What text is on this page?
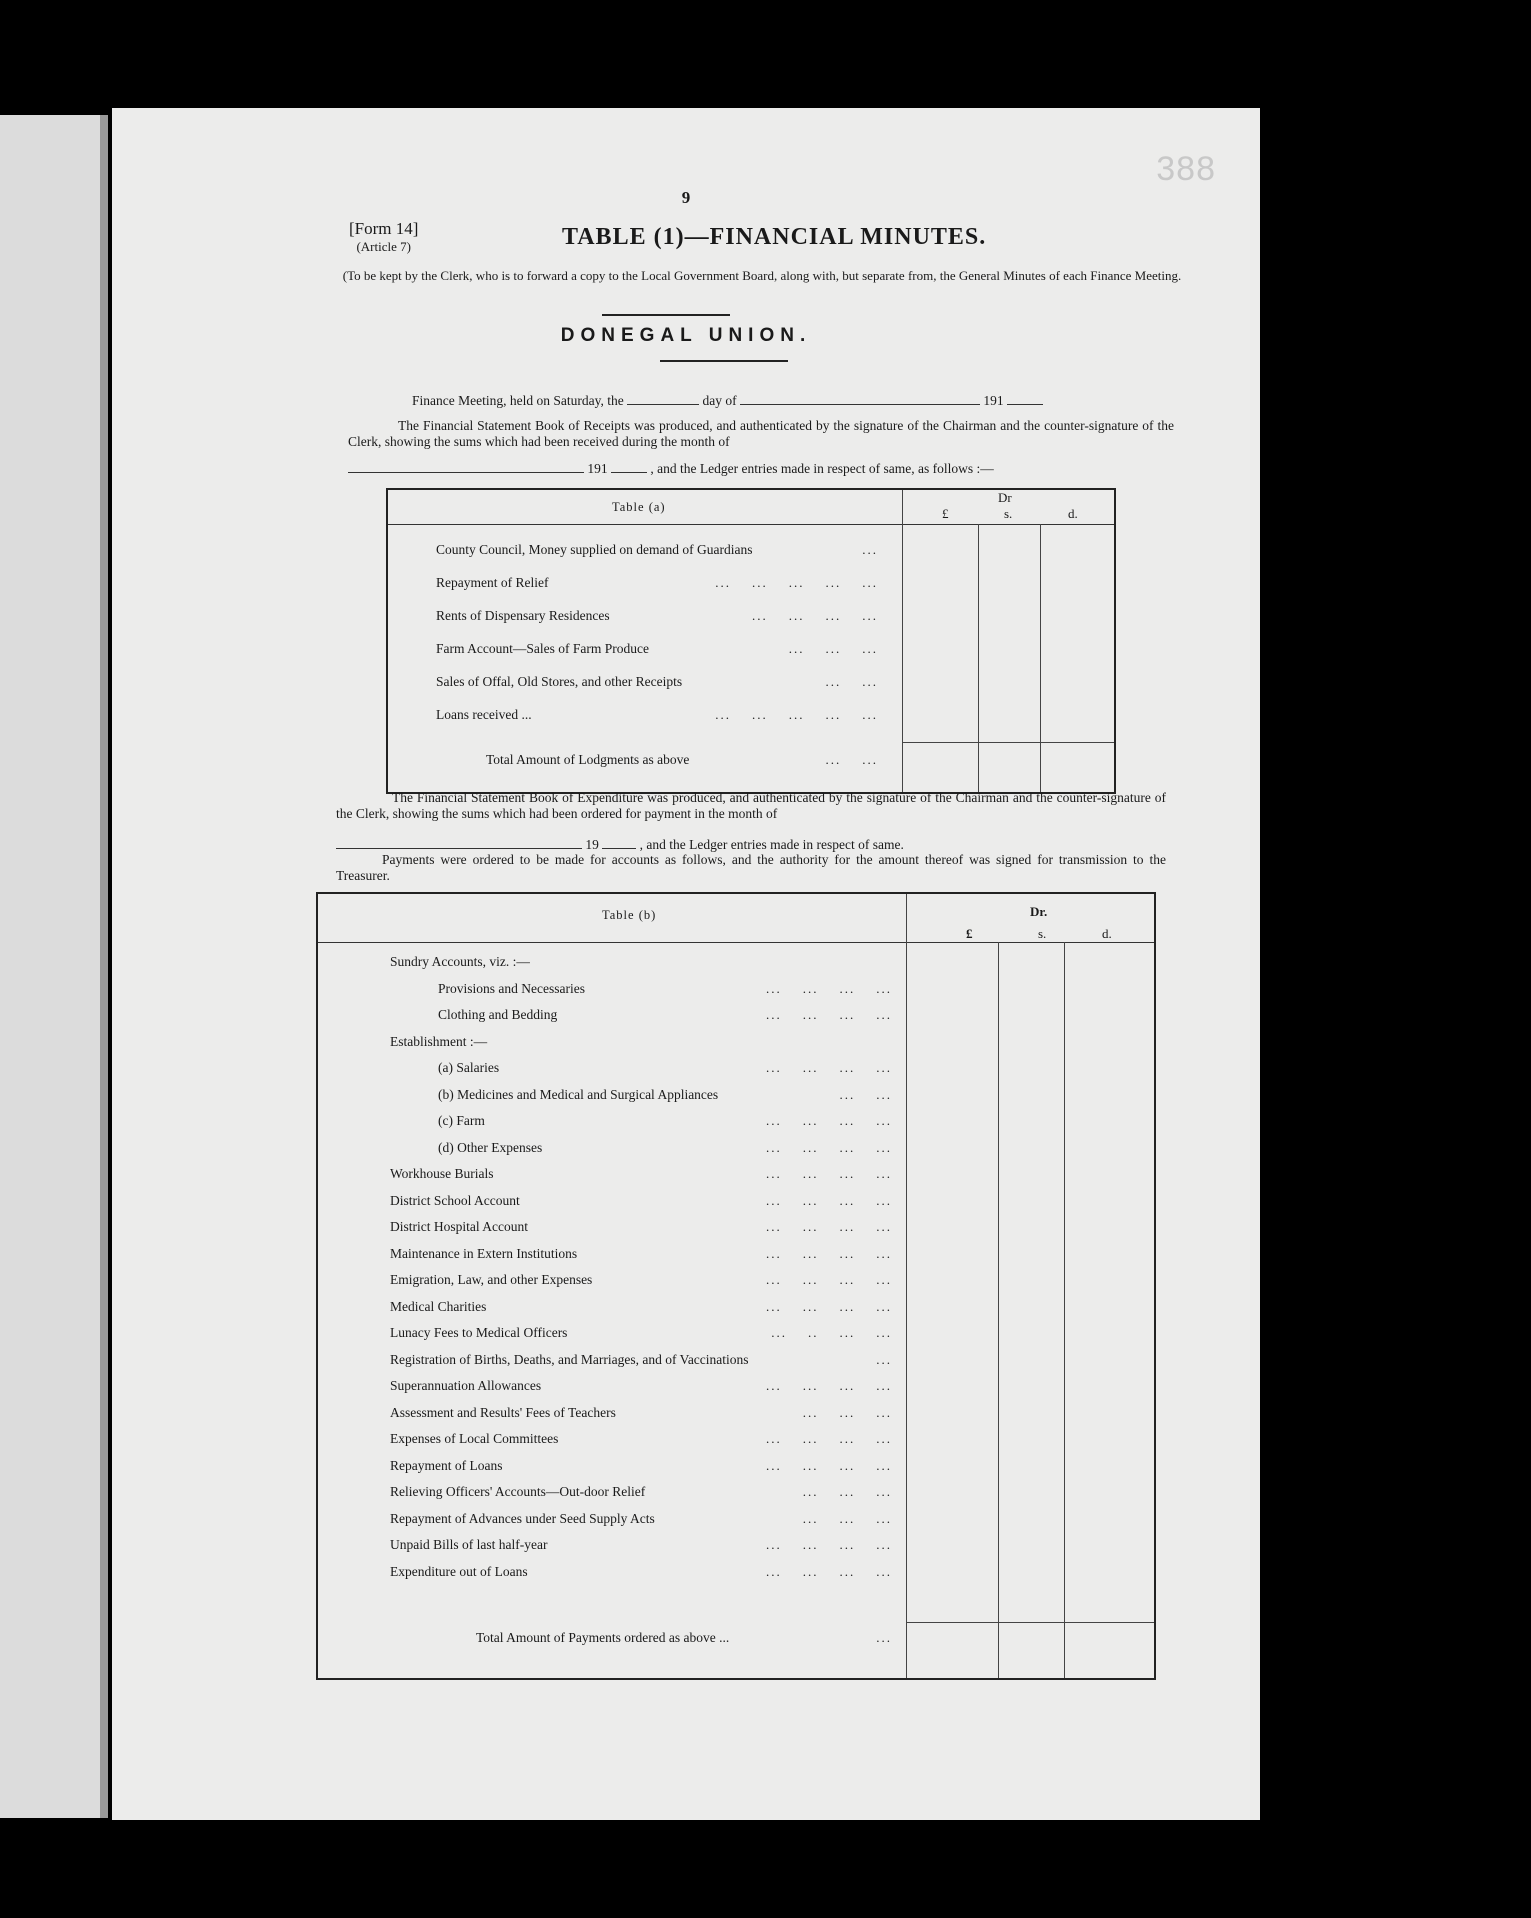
388
9
[Form 14]
(Article 7)	TABLE (1)—FINANCIAL MINUTES.
(To be kept by the Clerk, who is to forward a copy to the Local Government Board, along with, but separate from, the General Minutes of each Finance Meeting.
DONEGAL UNION.
Finance Meeting, held on Saturday, the	day of	191
The Financial Statement Book of Receipts was produced, and authenticated by the signature of the Chairman and the counter-signature of the Clerk, showing the sums which had been received during the month of
191	, and the Ledger entries made in respect of same, as follows :—
Table (a)
Dr
£	s.	d.
County Council, Money supplied on demand of Guardians	...
Repayment of Relief	...    ...    ...    ...    ...
Rents of Dispensary Residences	...    ...    ...    ...
Farm Account—Sales of Farm Produce	...    ...    ...
Sales of Offal, Old Stores, and other Receipts	...    ...
Loans received ...	...    ...    ...    ...    ...
Total Amount of Lodgments as above	...    ...
The Financial Statement Book of Expenditure was produced, and authenticated by the signature of the Chairman and the counter-signature of the Clerk, showing the sums which had been ordered for payment in the month of
19	, and the Ledger entries made in respect of same.
Payments were ordered to be made for accounts as follows, and the authority for the amount thereof was signed for transmission to the Treasurer.
Table (b)	Dr.
£	s.	d.
Sundry Accounts, viz. :—
Provisions and Necessaries	...    ...    ...    ...
Clothing and Bedding	...    ...    ...    ...
Establishment :—
(a) Salaries	...    ...    ...    ...
(b) Medicines and Medical and Surgical Appliances	...    ...
(c) Farm	...    ...    ...    ...
(d) Other Expenses	...    ...    ...    ...
Workhouse Burials	...    ...    ...    ...
District School Account	...    ...    ...    ...
District Hospital Account	...    ...    ...    ...
Maintenance in Extern Institutions	...    ...    ...    ...
Emigration, Law, and other Expenses	...    ...    ...    ...
Medical Charities	...    ...    ...    ...
Lunacy Fees to Medical Officers	...    ..    ...    ...
Registration of Births, Deaths, and Marriages, and of Vaccinations	...
Superannuation Allowances	...    ...    ...    ...
Assessment and Results' Fees of Teachers	...    ...    ...
Expenses of Local Committees	...    ...    ...    ...
Repayment of Loans	...    ...    ...    ...
Relieving Officers' Accounts—Out-door Relief	...    ...    ...
Repayment of Advances under Seed Supply Acts	...    ...    ...
Unpaid Bills of last half-year	...    ...    ...    ...
Expenditure out of Loans	...    ...    ...    ...
Total Amount of Payments ordered as above ...	...
